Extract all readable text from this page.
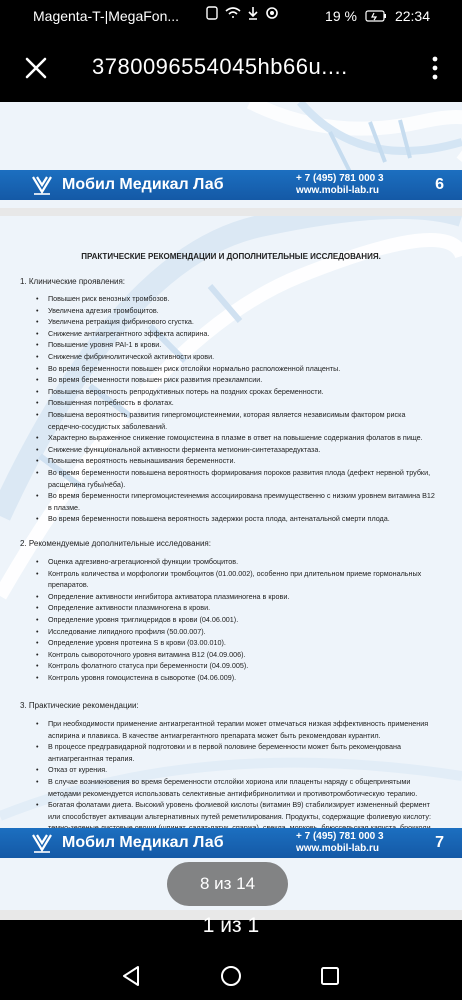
Magenta-T-|MegaFon...	19 %	22:34
3780096554045hb66u....
Мобил Медикал Лаб	+ 7 (495) 781 000 3
www.mobil-lab.ru	6
ПРАКТИЧЕСКИЕ РЕКОМЕНДАЦИИ И ДОПОЛНИТЕЛЬНЫЕ ИССЛЕДОВАНИЯ.
1. Клинические проявления:
• Повышен риск венозных тромбозов.
• Увеличена адгезия тромбоцитов.
• Увеличена ретракция фибринового сгустка.
• Снижение антиагрегантного эффекта аспирина.
• Повышение уровня PAI-1 в крови.
• Снижение фибринолитической активности крови.
• Во время беременности повышен риск отслойки нормально расположенной плаценты.
• Во время беременности повышен риск развития преэклампсии.
• Повышена вероятность репродуктивных потерь на поздних сроках беременности.
• Повышенная потребность в фолатах.
• Повышена вероятность развития гипергомоцистеинемии, которая является независимым фактором риска сердечно-сосудистых заболеваний.
• Характерно выраженное снижение гомоцистеина в плазме в ответ на повышение содержания фолатов в пище.
• Снижение функциональной активности фермента метионин-синтетазаредуктаза.
• Повышена вероятность невынашивания беременности.
• Во время беременности повышена вероятность формирования пороков развития плода (дефект нервной трубки, расщелина губы/нёба).
• Во время беременности гипергомоцистеинемия ассоциирована преимущественно с низким уровнем витамина В12 в плазме.
• Во время беременности повышена вероятность задержки роста плода, антенатальной смерти плода.
2. Рекомендуемые дополнительные исследования:
• Оценка адгезивно-агрегационной функции тромбоцитов.
• Контроль количества и морфологии тромбоцитов (01.00.002), особенно при длительном приеме гормональных препаратов.
• Определение активности ингибитора активатора плазминогена в крови.
• Определение активности плазминогена в крови.
• Определение уровня триглицеридов в крови (04.06.001).
• Исследование липидного профиля (50.00.007).
• Определение уровня протеина S в крови (03.00.010).
• Контроль сывороточного уровня витамина В12 (04.09.006).
• Контроль фолатного статуса при беременности (04.09.005).
• Контроль уровня гомоцистеина в сыворотке (04.06.009).
3. Практические рекомендации:
• При необходимости применение антиагрегантной терапии может отмечаться низкая эффективность применения аспирина и плавикса. В качестве антиагрегантного препарата может быть рекомендован курантил.
• В процессе предгравидарной подготовки и в первой половине беременности может быть рекомендована антиагрегантная терапия.
• Отказ от курения.
• В случае возникновения во время беременности отслойки хориона или плаценты наряду с общепринятыми методами рекомендуется использовать селективные антифибринолитики и противотромботическую терапию.
• Богатая фолатами диета. Высокий уровень фолиевой кислоты (витамин В9) стабилизирует измененный фермент или способствует активации альтернативных путей реметилирования. Продукты, содержащие фолиевую кислоту:
Мобил Медикал Лаб	+ 7 (495) 781 000 3
www.mobil-lab.ru	7
8 из 14
1 из 1
